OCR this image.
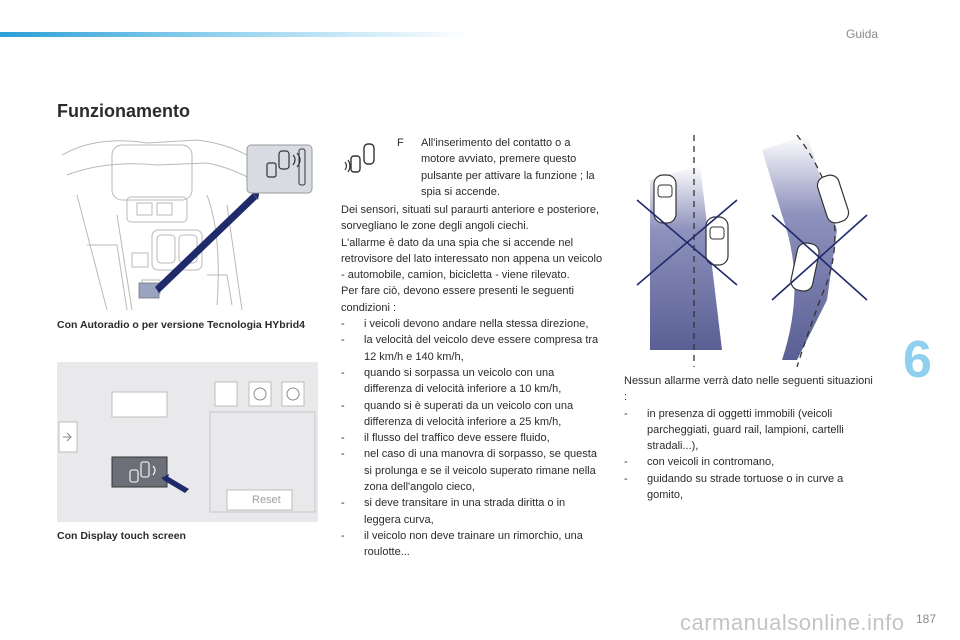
Guida
Funzionamento
Con Autoradio o per versione Tecnologia HYbrid4
Reset
Con Display touch screen
F All'inserimento del contatto o a motore avviato, premere questo pulsante per attivare la funzione ; la spia si accende.

Dei sensori, situati sul paraurti anteriore e posteriore, sorvegliano le zone degli angoli ciechi.

L'allarme è dato da una spia che si accende nel retrovisore del lato interessato non appena un veicolo - automobile, camion, bicicletta - viene rilevato.

Per fare ciò, devono essere presenti le seguenti condizioni :

- i veicoli devono andare nella stessa direzione,
- la velocità del veicolo deve essere compresa tra 12 km/h e 140 km/h,
- quando si sorpassa un veicolo con una differenza di velocità inferiore a 10 km/h,
- quando si è superati da un veicolo con una differenza di velocità inferiore a 25 km/h,
- il flusso del traffico deve essere fluido,
- nel caso di una manovra di sorpasso, se questa si prolunga e se il veicolo superato rimane nella zona dell'angolo cieco,
- si deve transitare in una strada diritta o in leggera curva,
- il veicolo non deve trainare un rimorchio, una roulotte...

Nessun allarme verrà dato nelle seguenti situazioni :

- in presenza di oggetti immobili (veicoli parcheggiati, guard rail, lampioni, cartelli stradali...),
- con veicoli in contromano,
- guidando su strade tortuose o in curve a gomito,
6
carmanualsonline.info 187
